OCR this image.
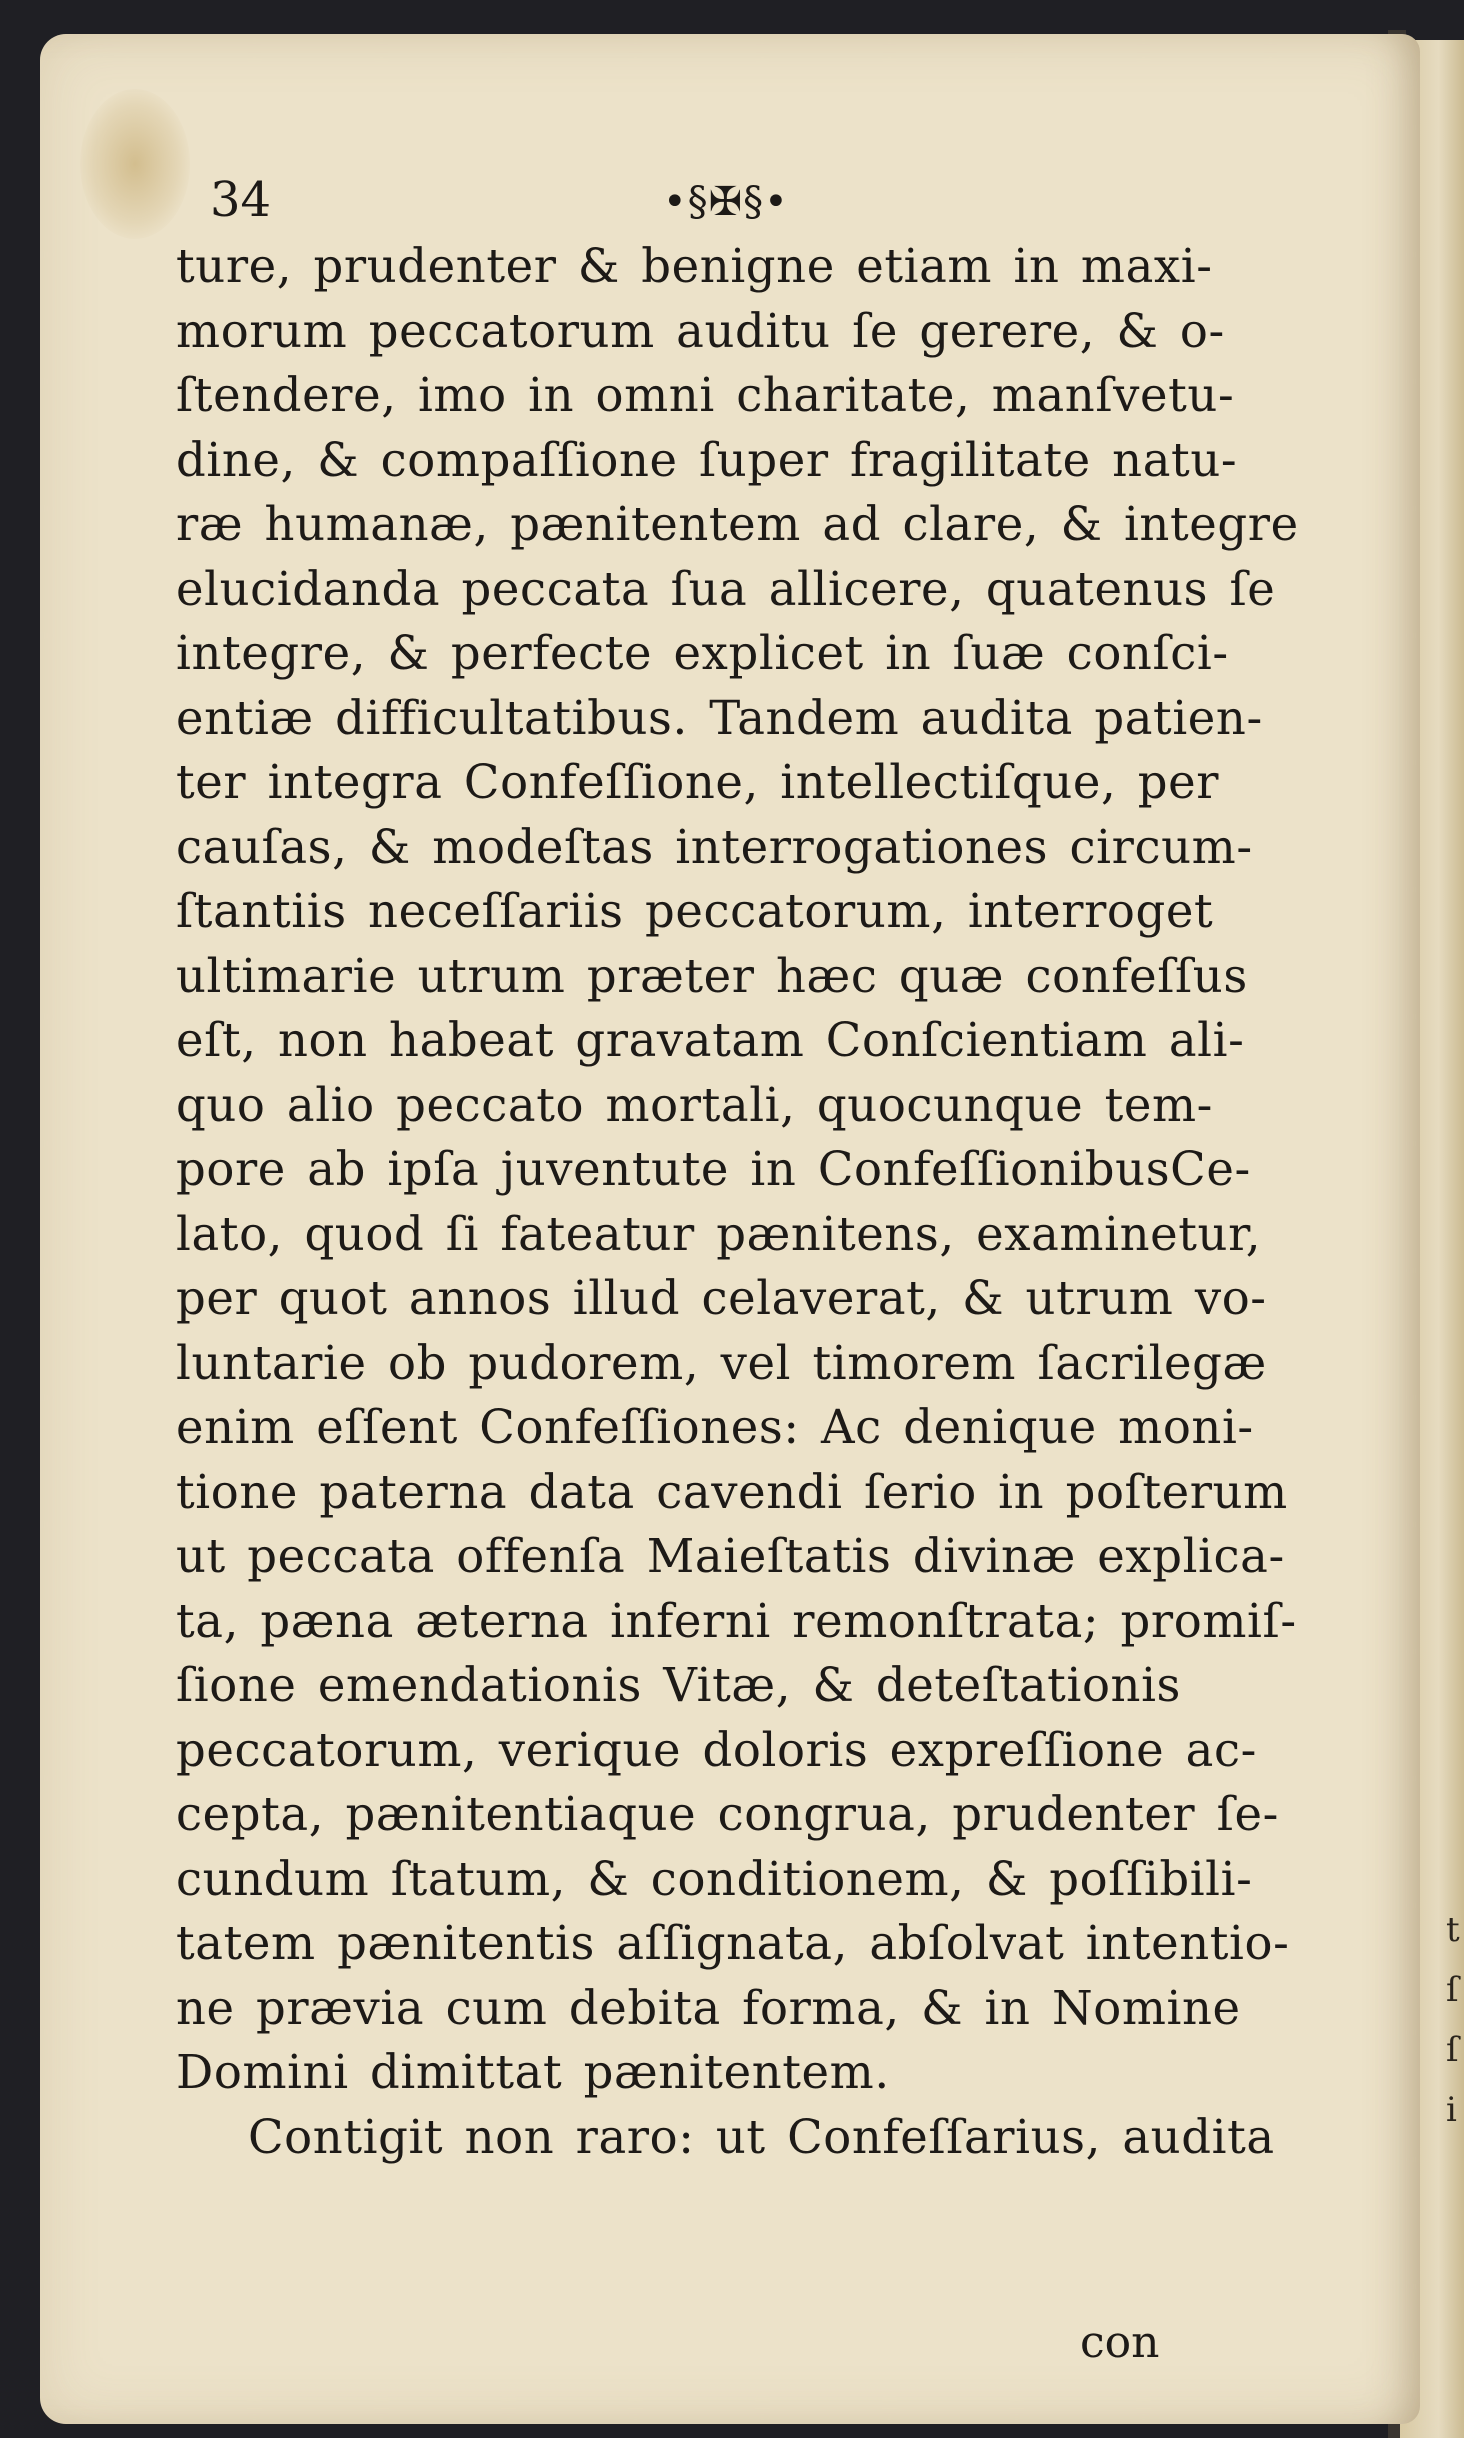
t ſ ſ i
34	•§✠§•
ture, prudenter & benigne etiam in maxi-
morum peccatorum auditu ſe gerere, & o-
ſtendere, imo in omni charitate, manſvetu-
dine, & compaſſione ſuper fragilitate natu-
ræ humanæ, pænitentem ad clare, & integre
elucidanda peccata ſua allicere, quatenus ſe
integre, & perfecte explicet in ſuæ conſci-
entiæ difficultatibus. Tandem audita patien-
ter integra Confeſſione, intellectiſque, per
cauſas, & modeſtas interrogationes circum-
ſtantiis neceſſariis peccatorum, interroget
ultimarie utrum præter hæc quæ confeſſus
eſt, non habeat gravatam Conſcientiam ali-
quo alio peccato mortali, quocunque tem-
pore ab ipſa juventute in ConfeſſionibusCe-
lato, quod ſi fateatur pænitens, examinetur,
per quot annos illud celaverat, & utrum vo-
luntarie ob pudorem, vel timorem ſacrilegæ
enim eſſent Confeſſiones: Ac denique moni-
tione paterna data cavendi ſerio in poſterum
ut peccata offenſa Maieſtatis divinæ explica-
ta, pæna æterna inferni remonſtrata; promiſ-
ſione emendationis Vitæ, & deteſtationis
peccatorum, verique doloris expreſſione ac-
cepta, pænitentiaque congrua, prudenter ſe-
cundum ſtatum, & conditionem, & poſſibili-
tatem pænitentis aſſignata, abſolvat intentio-
ne prævia cum debita forma, & in Nomine
Domini dimittat pænitentem.
Contigit non raro: ut Confeſſarius, audita
con
